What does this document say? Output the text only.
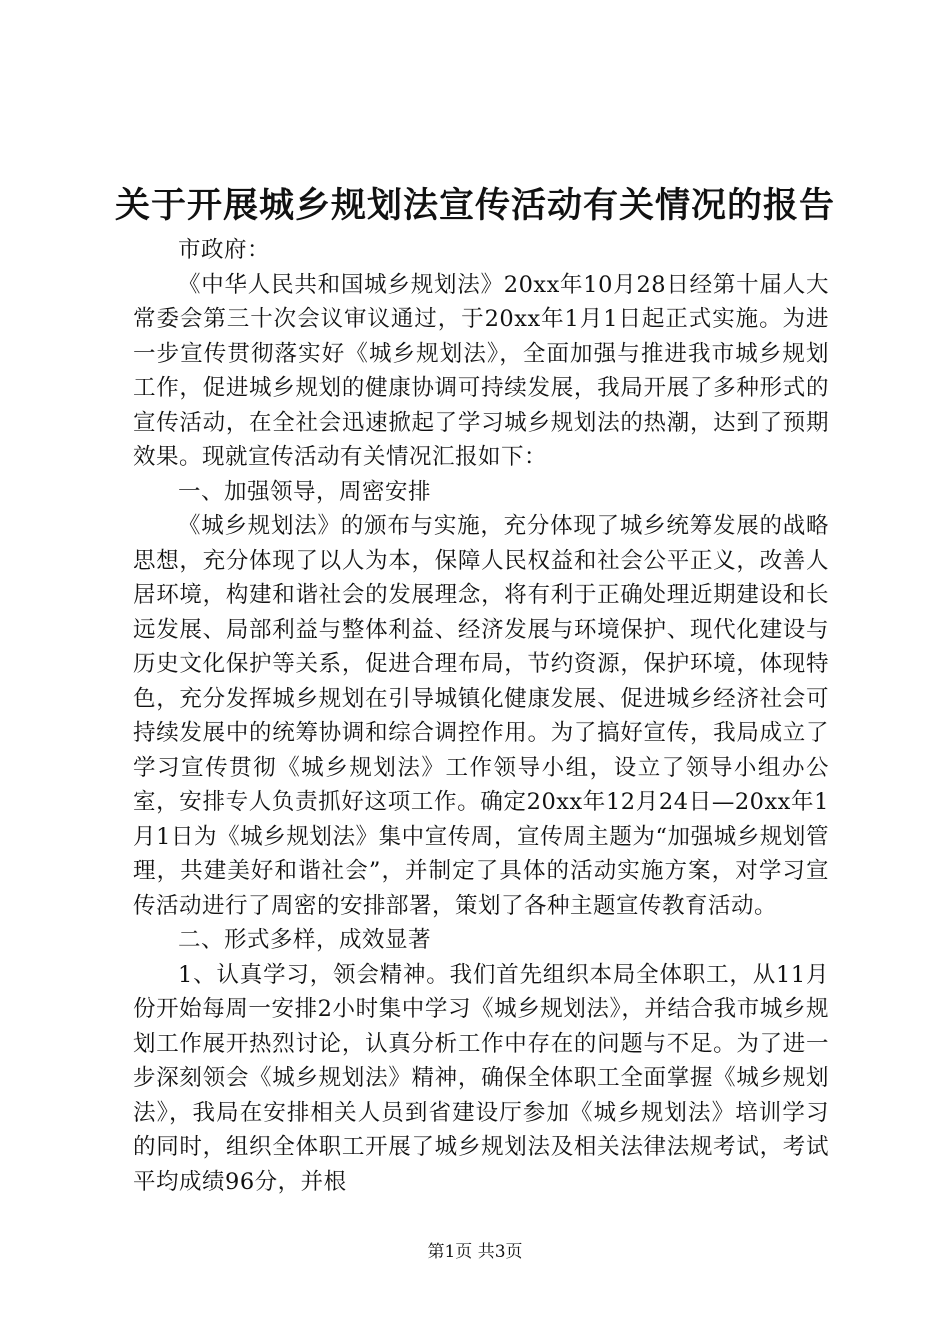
关于开展城乡规划法宣传活动有关情况的报告

市政府：

《中华人民共和国城乡规划法》20xx年10月28日经第十届人大常委会第三十次会议审议通过，于20xx年1月1日起正式实施。为进一步宣传贯彻落实好《城乡规划法》，全面加强与推进我市城乡规划工作，促进城乡规划的健康协调可持续发展，我局开展了多种形式的宣传活动，在全社会迅速掀起了学习城乡规划法的热潮，达到了预期效果。现就宣传活动有关情况汇报如下：

一、加强领导，周密安排

《城乡规划法》的颁布与实施，充分体现了城乡统筹发展的战略思想，充分体现了以人为本，保障人民权益和社会公平正义，改善人居环境，构建和谐社会的发展理念，将有利于正确处理近期建设和长远发展、局部利益与整体利益、经济发展与环境保护、现代化建设与历史文化保护等关系，促进合理布局，节约资源，保护环境，体现特色，充分发挥城乡规划在引导城镇化健康发展、促进城乡经济社会可持续发展中的统筹协调和综合调控作用。为了搞好宣传，我局成立了学习宣传贯彻《城乡规划法》工作领导小组，设立了领导小组办公室，安排专人负责抓好这项工作。确定20xx年12月24日—20xx年1月1日为《城乡规划法》集中宣传周，宣传周主题为“加强城乡规划管理，共建美好和谐社会”，并制定了具体的活动实施方案，对学习宣传活动进行了周密的安排部署，策划了各种主题宣传教育活动。

二、形式多样，成效显著

1、认真学习，领会精神。我们首先组织本局全体职工，从11月份开始每周一安排2小时集中学习《城乡规划法》，并结合我市城乡规划工作展开热烈讨论，认真分析工作中存在的问题与不足。为了进一步深刻领会《城乡规划法》精神，确保全体职工全面掌握《城乡规划法》，我局在安排相关人员到省建设厅参加《城乡规划法》培训学习的同时，组织全体职工开展了城乡规划法及相关法律法规考试，考试平均成绩96分，并根

第1页 共3页
